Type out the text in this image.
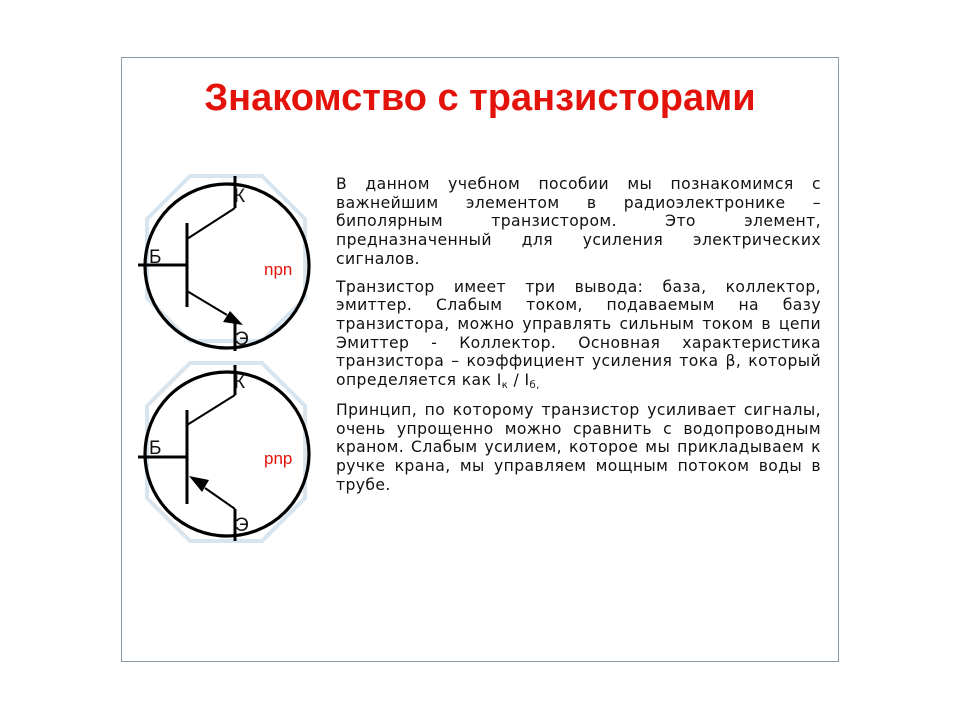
Знакомство с транзисторами
К
Б
Э
npn
К
Б
Э
pnp

В данном учебном пособии мы познакомимся с важнейшим элементом в радиоэлектронике – биполярным транзистором. Это элемент, предназначенный для усиления электрических сигналов.

Транзистор имеет три вывода: база, коллектор, эмиттер. Слабым током, подаваемым на базу транзистора, можно управлять сильным током в цепи Эмиттер - Коллектор. Основная характеристика транзистора – коэффициент усиления тока β, который определяется как $I_к / I_{б,}$

Принцип, по которому транзистор усиливает сигналы, очень упрощенно можно сравнить с водопроводным краном. Слабым усилием, которое мы прикладываем к ручке крана, мы управляем мощным потоком воды в трубе.
